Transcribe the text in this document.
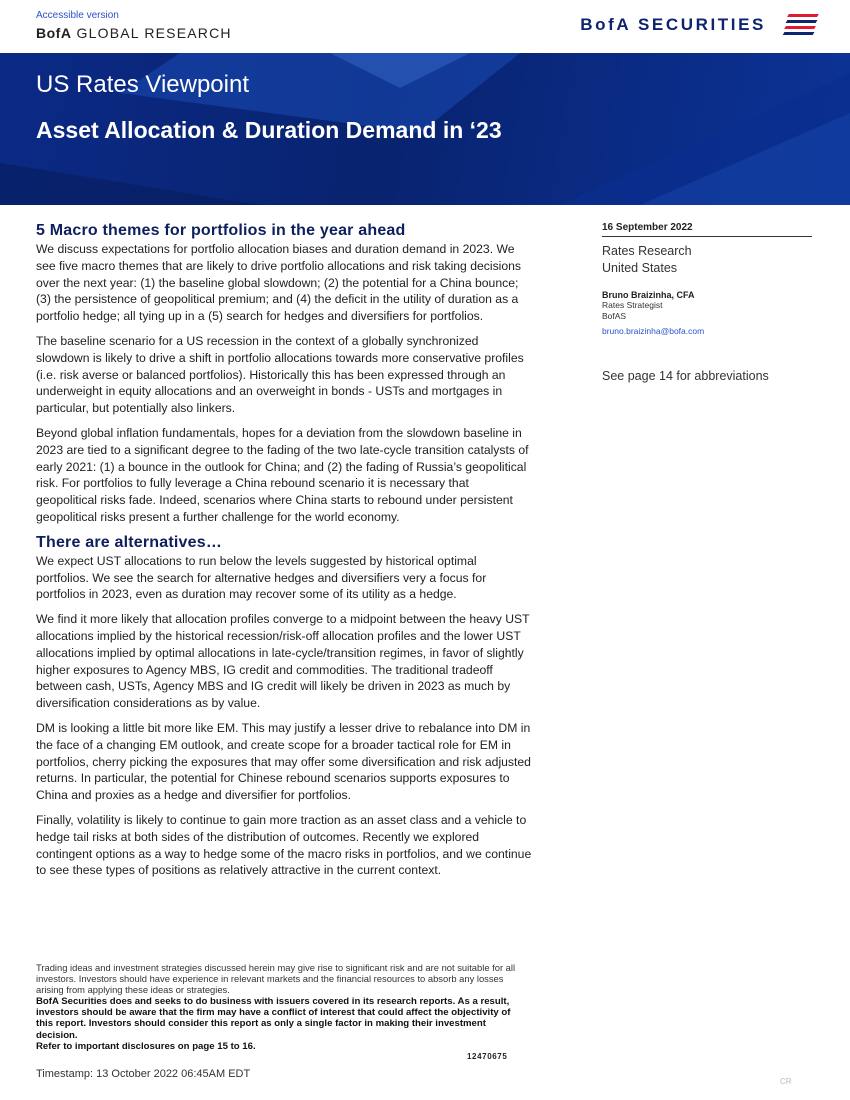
Accessible version
BofA GLOBAL RESEARCH	BofA SECURITIES
US Rates Viewpoint
Asset Allocation & Duration Demand in ‘23
5 Macro themes for portfolios in the year ahead

We discuss expectations for portfolio allocation biases and duration demand in 2023. We see five macro themes that are likely to drive portfolio allocations and risk taking decisions over the next year: (1) the baseline global slowdown; (2) the potential for a China bounce; (3) the persistence of geopolitical premium; and (4) the deficit in the utility of duration as a portfolio hedge; all tying up in a (5) search for hedges and diversifiers for portfolios.

The baseline scenario for a US recession in the context of a globally synchronized slowdown is likely to drive a shift in portfolio allocations towards more conservative profiles (i.e. risk averse or balanced portfolios). Historically this has been expressed through an underweight in equity allocations and an overweight in bonds - USTs and mortgages in particular, but potentially also linkers.

Beyond global inflation fundamentals, hopes for a deviation from the slowdown baseline in 2023 are tied to a significant degree to the fading of the two late-cycle transition catalysts of early 2021: (1) a bounce in the outlook for China; and (2) the fading of Russia’s geopolitical risk. For portfolios to fully leverage a China rebound scenario it is necessary that geopolitical risks fade. Indeed, scenarios where China starts to rebound under persistent geopolitical risks present a further challenge for the world economy.

There are alternatives…

We expect UST allocations to run below the levels suggested by historical optimal portfolios. We see the search for alternative hedges and diversifiers very a focus for portfolios in 2023, even as duration may recover some of its utility as a hedge.

We find it more likely that allocation profiles converge to a midpoint between the heavy UST allocations implied by the historical recession/risk-off allocation profiles and the lower UST allocations implied by optimal allocations in late-cycle/transition regimes, in favor of slightly higher exposures to Agency MBS, IG credit and commodities. The traditional tradeoff between cash, USTs, Agency MBS and IG credit will likely be driven in 2023 as much by diversification considerations as by value.

DM is looking a little bit more like EM. This may justify a lesser drive to rebalance into DM in the face of a changing EM outlook, and create scope for a broader tactical role for EM in portfolios, cherry picking the exposures that may offer some diversification and risk adjusted returns. In particular, the potential for Chinese rebound scenarios supports exposures to China and proxies as a hedge and diversifier for portfolios.

Finally, volatility is likely to continue to gain more traction as an asset class and a vehicle to hedge tail risks at both sides of the distribution of outcomes. Recently we explored contingent options as a way to hedge some of the macro risks in portfolios, and we continue to see these types of positions as relatively attractive in the current context.

16 September 2022
Rates Research
United States
Bruno Braizinha, CFA
Rates Strategist
BofAS
bruno.braizinha@bofa.com
See page 14 for abbreviations
Trading ideas and investment strategies discussed herein may give rise to significant risk and are not suitable for all investors. Investors should have experience in relevant markets and the financial resources to absorb any losses arising from applying these ideas or strategies.
BofA Securities does and seeks to do business with issuers covered in its research reports. As a result, investors should be aware that the firm may have a conflict of interest that could affect the objectivity of this report. Investors should consider this report as only a single factor in making their investment decision.
Refer to important disclosures on page 15 to 16.
12470675
Timestamp: 13 October 2022 06:45AM EDT
CR
